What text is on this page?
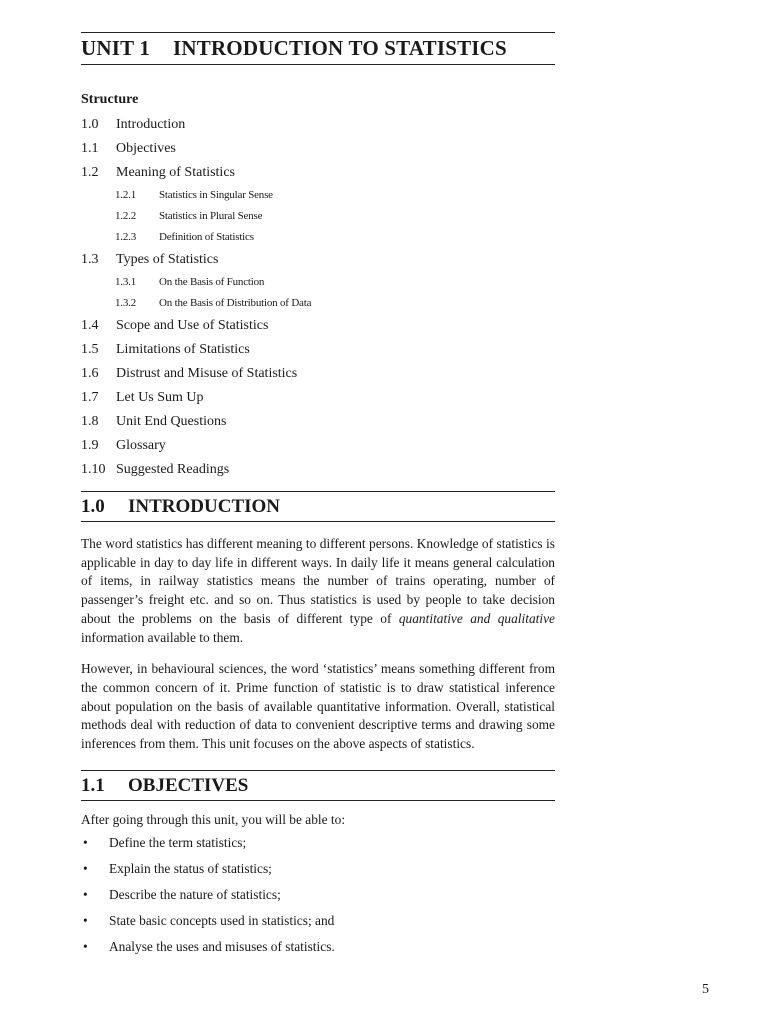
UNIT 1 INTRODUCTION TO STATISTICS
Structure
1.0 Introduction
1.1 Objectives
1.2 Meaning of Statistics
1.2.1 Statistics in Singular Sense
1.2.2 Statistics in Plural Sense
1.2.3 Definition of Statistics
1.3 Types of Statistics
1.3.1 On the Basis of Function
1.3.2 On the Basis of Distribution of Data
1.4 Scope and Use of Statistics
1.5 Limitations of Statistics
1.6 Distrust and Misuse of Statistics
1.7 Let Us Sum Up
1.8 Unit End Questions
1.9 Glossary
1.10 Suggested Readings
1.0 INTRODUCTION

The word statistics has different meaning to different persons. Knowledge of statistics is applicable in day to day life in different ways. In daily life it means general calculation of items, in railway statistics means the number of trains operating, number of passenger’s freight etc. and so on. Thus statistics is used by people to take decision about the problems on the basis of different type of quantitative and qualitative information available to them.

However, in behavioural sciences, the word ‘statistics’ means something different from the common concern of it. Prime function of statistic is to draw statistical inference about population on the basis of available quantitative information. Overall, statistical methods deal with reduction of data to convenient descriptive terms and drawing some inferences from them. This unit focuses on the above aspects of statistics.

1.1 OBJECTIVES

After going through this unit, you will be able to:

• Define the term statistics;
• Explain the status of statistics;
• Describe the nature of statistics;
• State basic concepts used in statistics; and
• Analyse the uses and misuses of statistics.
5
